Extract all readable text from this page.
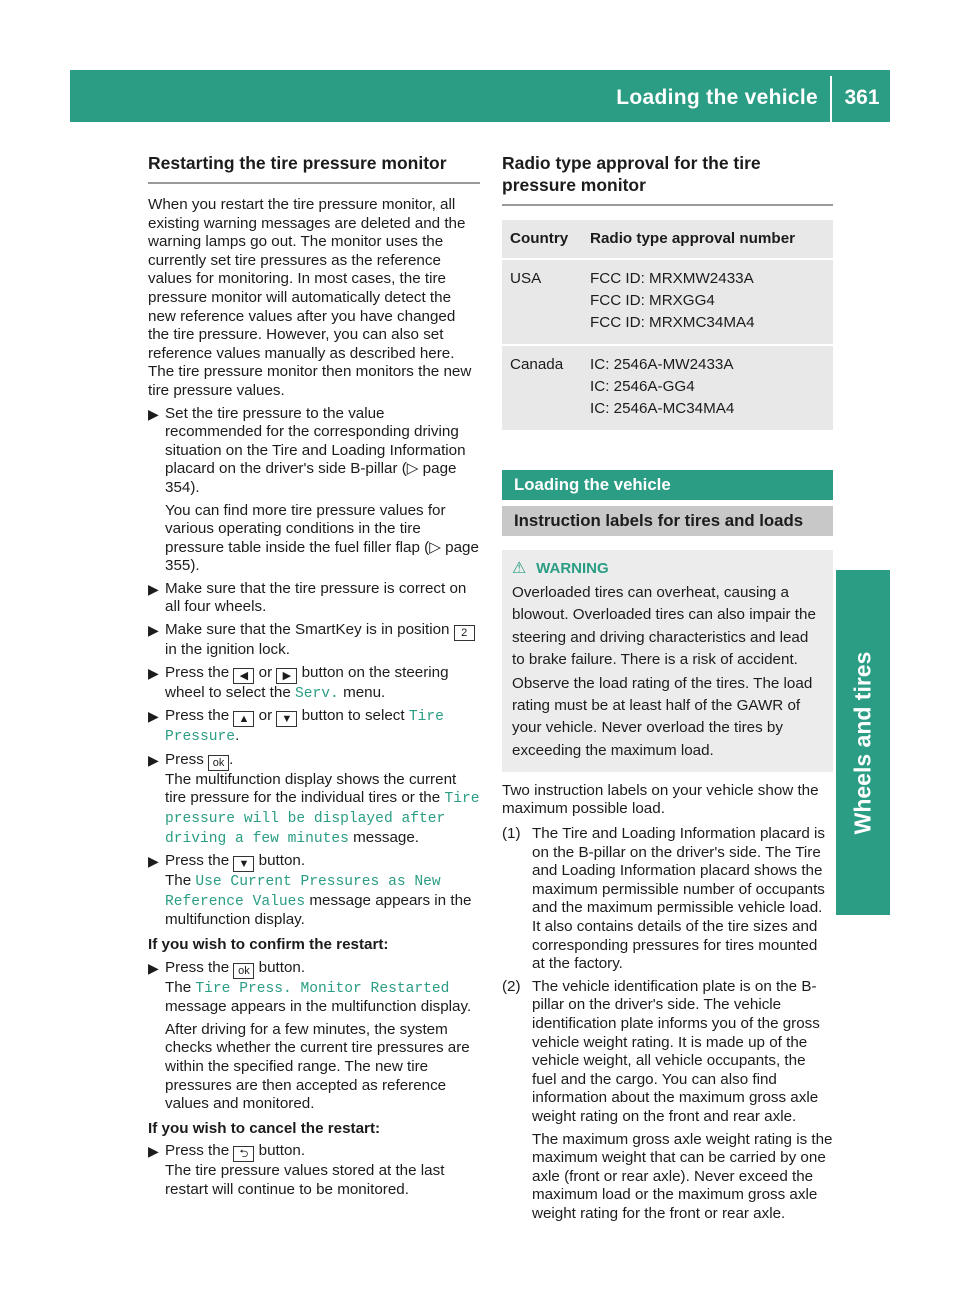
Loading the vehicle	361
Wheels and tires
Restarting the tire pressure monitor
When you restart the tire pressure monitor, all existing warning messages are deleted and the warning lamps go out. The monitor uses the currently set tire pressures as the reference values for monitoring. In most cases, the tire pressure monitor will automatically detect the new reference values after you have changed the tire pressure. However, you can also set reference values manually as described here. The tire pressure monitor then monitors the new tire pressure values.
▶ Set the tire pressure to the value recommended for the corresponding driving situation on the Tire and Loading Information placard on the driver's side B-pillar (▷ page 354).
You can find more tire pressure values for various operating conditions in the tire pressure table inside the fuel filler flap (▷ page 355).
▶ Make sure that the tire pressure is correct on all four wheels.
▶ Make sure that the SmartKey is in position 2 in the ignition lock.
▶ Press the ◀ or ▶ button on the steering wheel to select the Serv. menu.
▶ Press the ▲ or ▼ button to select Tire Pressure.
▶ Press ok .
The multifunction display shows the current tire pressure for the individual tires or the Tire pressure will be displayed after driving a few minutes message.
▶ Press the ▼ button.
The Use Current Pressures as New Reference Values message appears in the multifunction display.
If you wish to confirm the restart:
▶ Press the ok button.
The Tire Press. Monitor Restarted message appears in the multifunction display.
After driving for a few minutes, the system checks whether the current tire pressures are within the specified range. The new tire pressures are then accepted as reference values and monitored.
If you wish to cancel the restart:
▶ Press the ⮌ button.
The tire pressure values stored at the last restart will continue to be monitored.
Radio type approval for the tire pressure monitor
Country	Radio type approval number
USA	FCC ID: MRXMW2433A
FCC ID: MRXGG4
FCC ID: MRXMC34MA4
Canada	IC: 2546A-MW2433A
IC: 2546A-GG4
IC: 2546A-MC34MA4
Loading the vehicle
Instruction labels for tires and loads
⚠ WARNING

Overloaded tires can overheat, causing a blowout. Overloaded tires can also impair the steering and driving characteristics and lead to brake failure. There is a risk of accident.

Observe the load rating of the tires. The load rating must be at least half of the GAWR of your vehicle. Never overload the tires by exceeding the maximum load.

Two instruction labels on your vehicle show the maximum possible load.
(1) The Tire and Loading Information placard is on the B-pillar on the driver's side. The Tire and Loading Information placard shows the maximum permissible number of occupants and the maximum permissible vehicle load. It also contains details of the tire sizes and corresponding pressures for tires mounted at the factory.

(2) The vehicle identification plate is on the B-pillar on the driver's side. The vehicle identification plate informs you of the gross vehicle weight rating. It is made up of the vehicle weight, all vehicle occupants, the fuel and the cargo. You can also find information about the maximum gross axle weight rating on the front and rear axle.

The maximum gross axle weight rating is the maximum weight that can be carried by one axle (front or rear axle). Never exceed the maximum load or the maximum gross axle weight rating for the front or rear axle.
